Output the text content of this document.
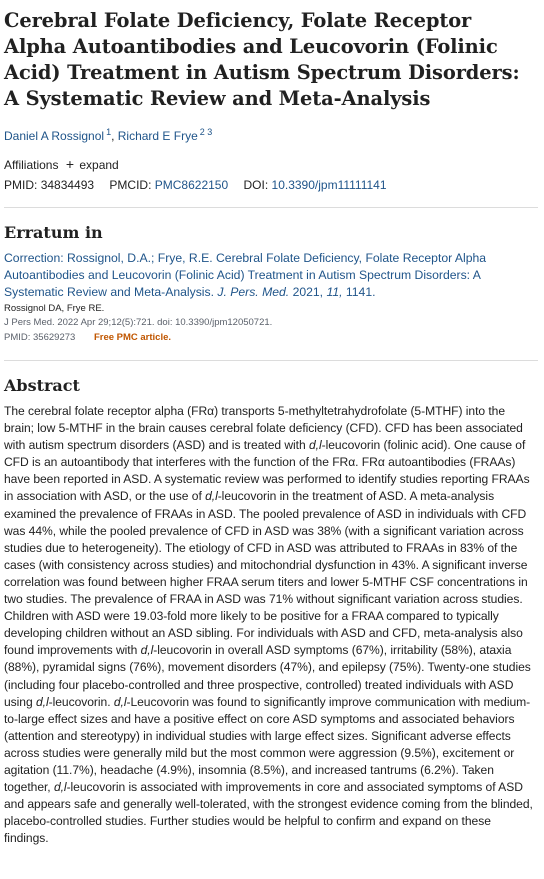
Cerebral Folate Deficiency, Folate Receptor Alpha Autoantibodies and Leucovorin (Folinic Acid) Treatment in Autism Spectrum Disorders: A Systematic Review and Meta-Analysis
Daniel A Rossignol $^1$, Richard E Frye $^{2 3}$
Affiliations + expand
PMID: 34834493 PMCID: PMC8622150 DOI: 10.3390/jpm11111141
Erratum in
Correction: Rossignol, D.A.; Frye, R.E. Cerebral Folate Deficiency, Folate Receptor Alpha Autoantibodies and Leucovorin (Folinic Acid) Treatment in Autism Spectrum Disorders: A Systematic Review and Meta-Analysis. J. Pers. Med. 2021, 11, 1141.
Rossignol DA, Frye RE.
J Pers Med. 2022 Apr 29;12(5):721. doi: 10.3390/jpm12050721.
PMID: 35629273 Free PMC article.
Abstract

The cerebral folate receptor alpha (FRα) transports 5-methyltetrahydrofolate (5-MTHF) into the brain; low 5-MTHF in the brain causes cerebral folate deficiency (CFD). CFD has been associated with autism spectrum disorders (ASD) and is treated with d,l-leucovorin (folinic acid). One cause of CFD is an autoantibody that interferes with the function of the FRα. FRα autoantibodies (FRAAs) have been reported in ASD. A systematic review was performed to identify studies reporting FRAAs in association with ASD, or the use of d,l-leucovorin in the treatment of ASD. A meta-analysis examined the prevalence of FRAAs in ASD. The pooled prevalence of ASD in individuals with CFD was 44%, while the pooled prevalence of CFD in ASD was 38% (with a significant variation across studies due to heterogeneity). The etiology of CFD in ASD was attributed to FRAAs in 83% of the cases (with consistency across studies) and mitochondrial dysfunction in 43%. A significant inverse correlation was found between higher FRAA serum titers and lower 5-MTHF CSF concentrations in two studies. The prevalence of FRAA in ASD was 71% without significant variation across studies. Children with ASD were 19.03-fold more likely to be positive for a FRAA compared to typically developing children without an ASD sibling. For individuals with ASD and CFD, meta-analysis also found improvements with d,l-leucovorin in overall ASD symptoms (67%), irritability (58%), ataxia (88%), pyramidal signs (76%), movement disorders (47%), and epilepsy (75%). Twenty-one studies (including four placebo-controlled and three prospective, controlled) treated individuals with ASD using d,l-leucovorin. d,l-Leucovorin was found to significantly improve communication with medium-to-large effect sizes and have a positive effect on core ASD symptoms and associated behaviors (attention and stereotypy) in individual studies with large effect sizes. Significant adverse effects across studies were generally mild but the most common were aggression (9.5%), excitement or agitation (11.7%), headache (4.9%), insomnia (8.5%), and increased tantrums (6.2%). Taken together, d,l-leucovorin is associated with improvements in core and associated symptoms of ASD and appears safe and generally well-tolerated, with the strongest evidence coming from the blinded, placebo-controlled studies. Further studies would be helpful to confirm and expand on these findings.
